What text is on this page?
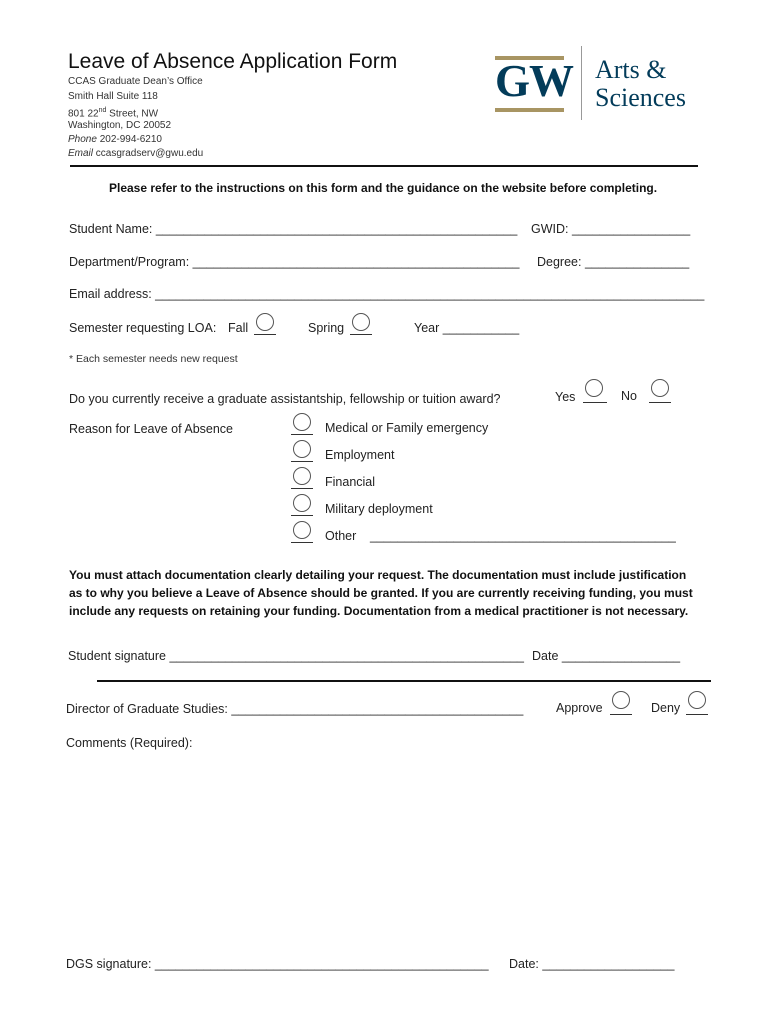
Leave of Absence Application Form
CCAS Graduate Dean’s Office
Smith Hall Suite 118
801 22nd Street, NW
Washington, DC 20052
Phone 202-994-6210
Email ccasgradserv@gwu.edu
GW Arts &
Sciences
Please refer to the instructions on this form and the guidance on the website before completing.
Student Name: ____________________________________________________ GWID: _________________
Department/Program: _______________________________________________ Degree: _______________
Email address: _______________________________________________________________________________
Semester requesting LOA: Fall	Spring	Year ___________
* Each semester needs new request
Do you currently receive a graduate assistantship, fellowship or tuition award?	Yes	No
Reason for Leave of Absence	Medical or Family emergency
Employment
Financial
Military deployment
Other ____________________________________________
You must attach documentation clearly detailing your request. The documentation must include justification
as to why you believe a Leave of Absence should be granted. If you are currently receiving funding, you must
include any requests on retaining your funding. Documentation from a medical practitioner is not necessary.
Student signature ___________________________________________________ Date _________________
Director of Graduate Studies: __________________________________________	Approve	Deny
Comments (Required):
DGS signature: ________________________________________________ Date: ___________________
